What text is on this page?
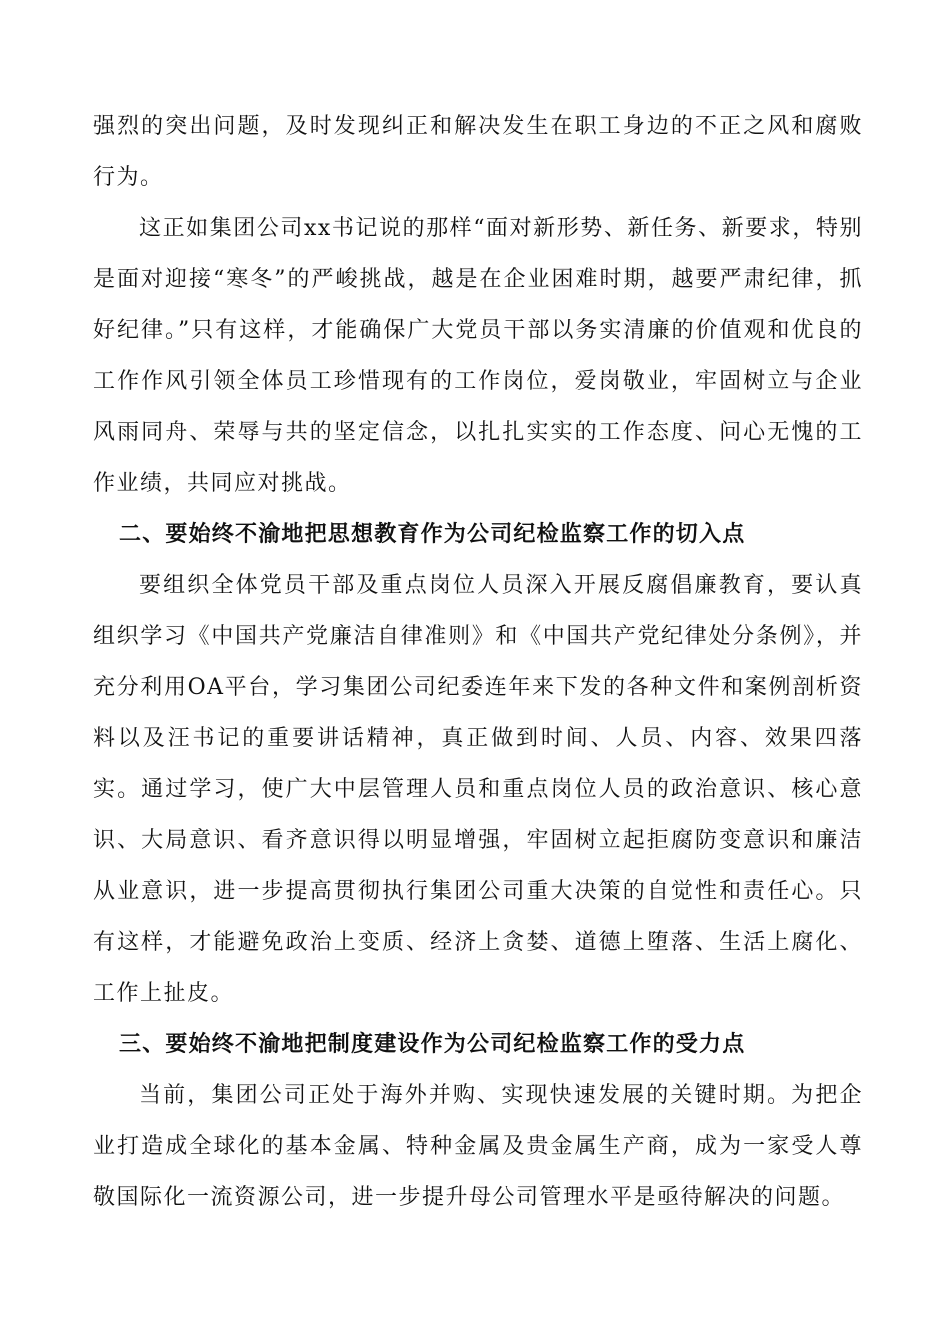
强烈的突出问题，及时发现纠正和解决发生在职工身边的不正之风和腐败行为。

这正如集团公司xx书记说的那样“面对新形势、新任务、新要求，特别是面对迎接“寒冬”的严峻挑战，越是在企业困难时期，越要严肃纪律，抓好纪律。”只有这样，才能确保广大党员干部以务实清廉的价值观和优良的工作作风引领全体员工珍惜现有的工作岗位，爱岗敬业，牢固树立与企业风雨同舟、荣辱与共的坚定信念，以扎扎实实的工作态度、问心无愧的工作业绩，共同应对挑战。

二、要始终不渝地把思想教育作为公司纪检监察工作的切入点

要组织全体党员干部及重点岗位人员深入开展反腐倡廉教育，要认真组织学习《中国共产党廉洁自律准则》和《中国共产党纪律处分条例》，并充分利用OA平台，学习集团公司纪委连年来下发的各种文件和案例剖析资料以及汪书记的重要讲话精神，真正做到时间、人员、内容、效果四落实。通过学习，使广大中层管理人员和重点岗位人员的政治意识、核心意识、大局意识、看齐意识得以明显增强，牢固树立起拒腐防变意识和廉洁从业意识，进一步提高贯彻执行集团公司重大决策的自觉性和责任心。只有这样，才能避免政治上变质、经济上贪婪、道德上堕落、生活上腐化、工作上扯皮。

三、要始终不渝地把制度建设作为公司纪检监察工作的受力点

当前，集团公司正处于海外并购、实现快速发展的关键时期。为把企业打造成全球化的基本金属、特种金属及贵金属生产商，成为一家受人尊敬国际化一流资源公司，进一步提升母公司管理水平是亟待解决的问题。
